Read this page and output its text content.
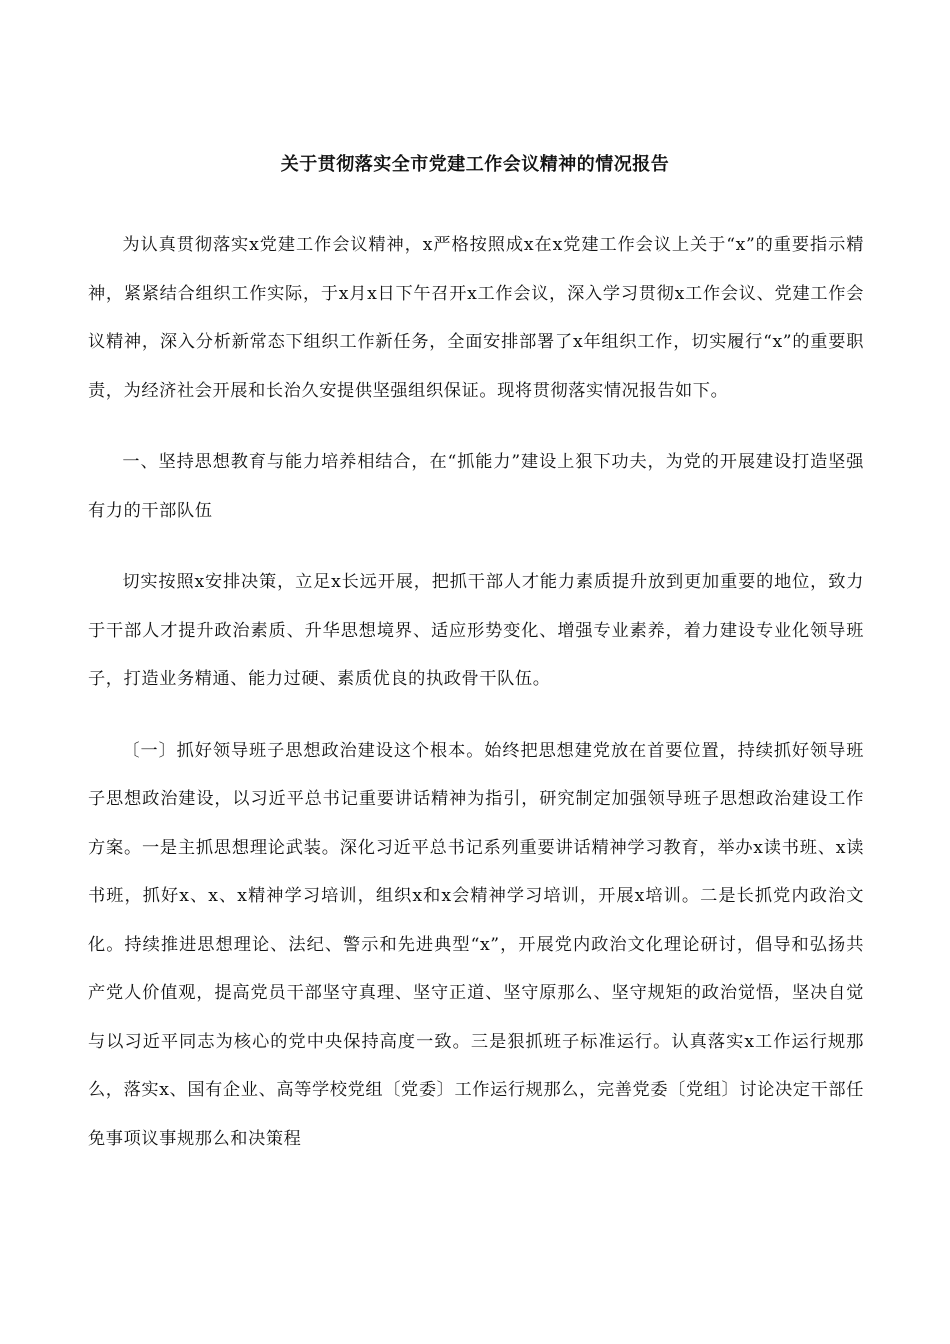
关于贯彻落实全市党建工作会议精神的情况报告

为认真贯彻落实x党建工作会议精神，x严格按照成x在x党建工作会议上关于“x”的重要指示精神，紧紧结合组织工作实际，于x月x日下午召开x工作会议，深入学习贯彻x工作会议、党建工作会议精神，深入分析新常态下组织工作新任务，全面安排部署了x年组织工作，切实履行“x”的重要职责，为经济社会开展和长治久安提供坚强组织保证。现将贯彻落实情况报告如下。

一、坚持思想教育与能力培养相结合，在“抓能力”建设上狠下功夫，为党的开展建设打造坚强有力的干部队伍

切实按照x安排决策，立足x长远开展，把抓干部人才能力素质提升放到更加重要的地位，致力于干部人才提升政治素质、升华思想境界、适应形势变化、增强专业素养，着力建设专业化领导班子，打造业务精通、能力过硬、素质优良的执政骨干队伍。

〔一〕抓好领导班子思想政治建设这个根本。始终把思想建党放在首要位置，持续抓好领导班子思想政治建设，以习近平总书记重要讲话精神为指引，研究制定加强领导班子思想政治建设工作方案。一是主抓思想理论武装。深化习近平总书记系列重要讲话精神学习教育，举办x读书班、x读书班，抓好x、x、x精神学习培训，组织x和x会精神学习培训，开展x培训。二是长抓党内政治文化。持续推进思想理论、法纪、警示和先进典型“x”，开展党内政治文化理论研讨，倡导和弘扬共产党人价值观，提高党员干部坚守真理、坚守正道、坚守原那么、坚守规矩的政治觉悟，坚决自觉与以习近平同志为核心的党中央保持高度一致。三是狠抓班子标准运行。认真落实x工作运行规那么，落实x、国有企业、高等学校党组〔党委〕工作运行规那么，完善党委〔党组〕讨论决定干部任免事项议事规那么和决策程
